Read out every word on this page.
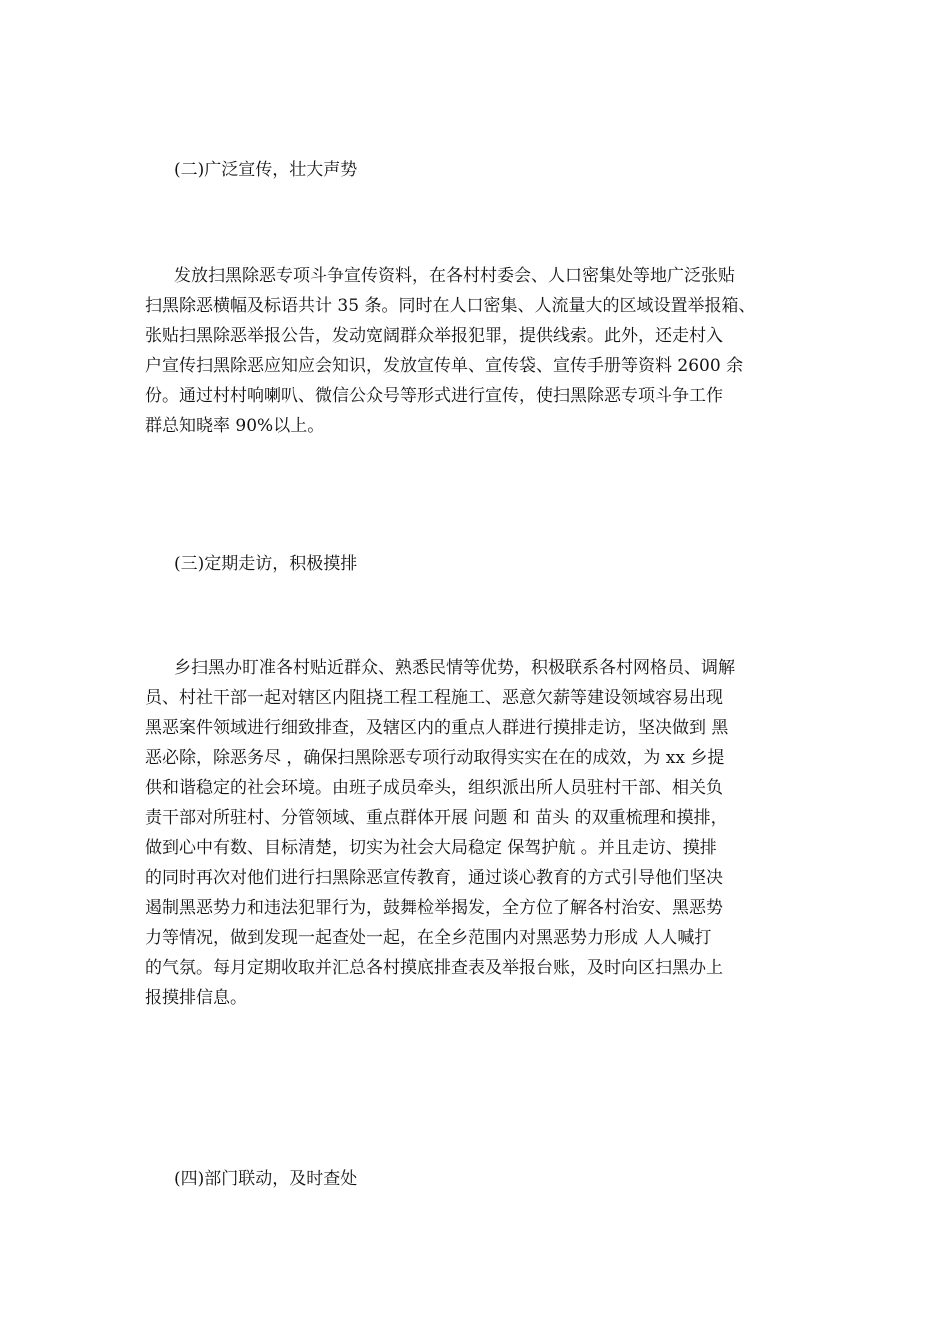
(二)广泛宣传，壮大声势
发放扫黑除恶专项斗争宣传资料，在各村村委会、人口密集处等地广泛张贴
扫黑除恶横幅及标语共计 35 条。同时在人口密集、人流量大的区域设置举报箱、
张贴扫黑除恶举报公告，发动宽阔群众举报犯罪，提供线索。此外，还走村入
户宣传扫黑除恶应知应会知识，发放宣传单、宣传袋、宣传手册等资料 2600 余
份。通过村村响喇叭、微信公众号等形式进行宣传，使扫黑除恶专项斗争工作
群总知晓率 90%以上。
(三)定期走访，积极摸排
乡扫黑办盯准各村贴近群众、熟悉民情等优势，积极联系各村网格员、调解
员、村社干部一起对辖区内阻挠工程工程施工、恶意欠薪等建设领域容易出现
黑恶案件领域进行细致排查，及辖区内的重点人群进行摸排走访，坚决做到 黑
恶必除，除恶务尽 ，确保扫黑除恶专项行动取得实实在在的成效，为 xx 乡提
供和谐稳定的社会环境。由班子成员牵头，组织派出所人员驻村干部、相关负
责干部对所驻村、分管领域、重点群体开展 问题 和 苗头 的双重梳理和摸排，
做到心中有数、目标清楚，切实为社会大局稳定 保驾护航 。并且走访、摸排
的同时再次对他们进行扫黑除恶宣传教育，通过谈心教育的方式引导他们坚决
遏制黑恶势力和违法犯罪行为，鼓舞检举揭发，全方位了解各村治安、黑恶势
力等情况，做到发现一起查处一起，在全乡范围内对黑恶势力形成 人人喊打
的气氛。每月定期收取并汇总各村摸底排查表及举报台账，及时向区扫黑办上
报摸排信息。
(四)部门联动，及时查处
